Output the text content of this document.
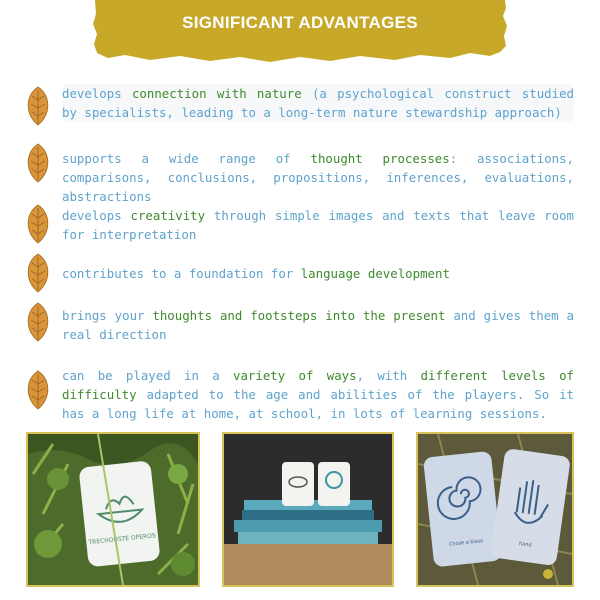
SIGNIFICANT ADVANTAGES
develops connection with nature (a psychological construct studied by specialists, leading to a long-term nature stewardship approach)
supports a wide range of thought processes: associations, comparisons, conclusions, propositions, inferences, evaluations, abstractions
develops creativity through simple images and texts that leave room for interpretation
contributes to a foundation for language development
brings your thoughts and footsteps into the present and gives them a real direction
can be played in a variety of ways, with different levels of difficulty adapted to the age and abilities of the players. So it has a long life at home, at school, in lots of learning sessions.
TRECHOUSTE OPEROS	Chose a bisso	hand
